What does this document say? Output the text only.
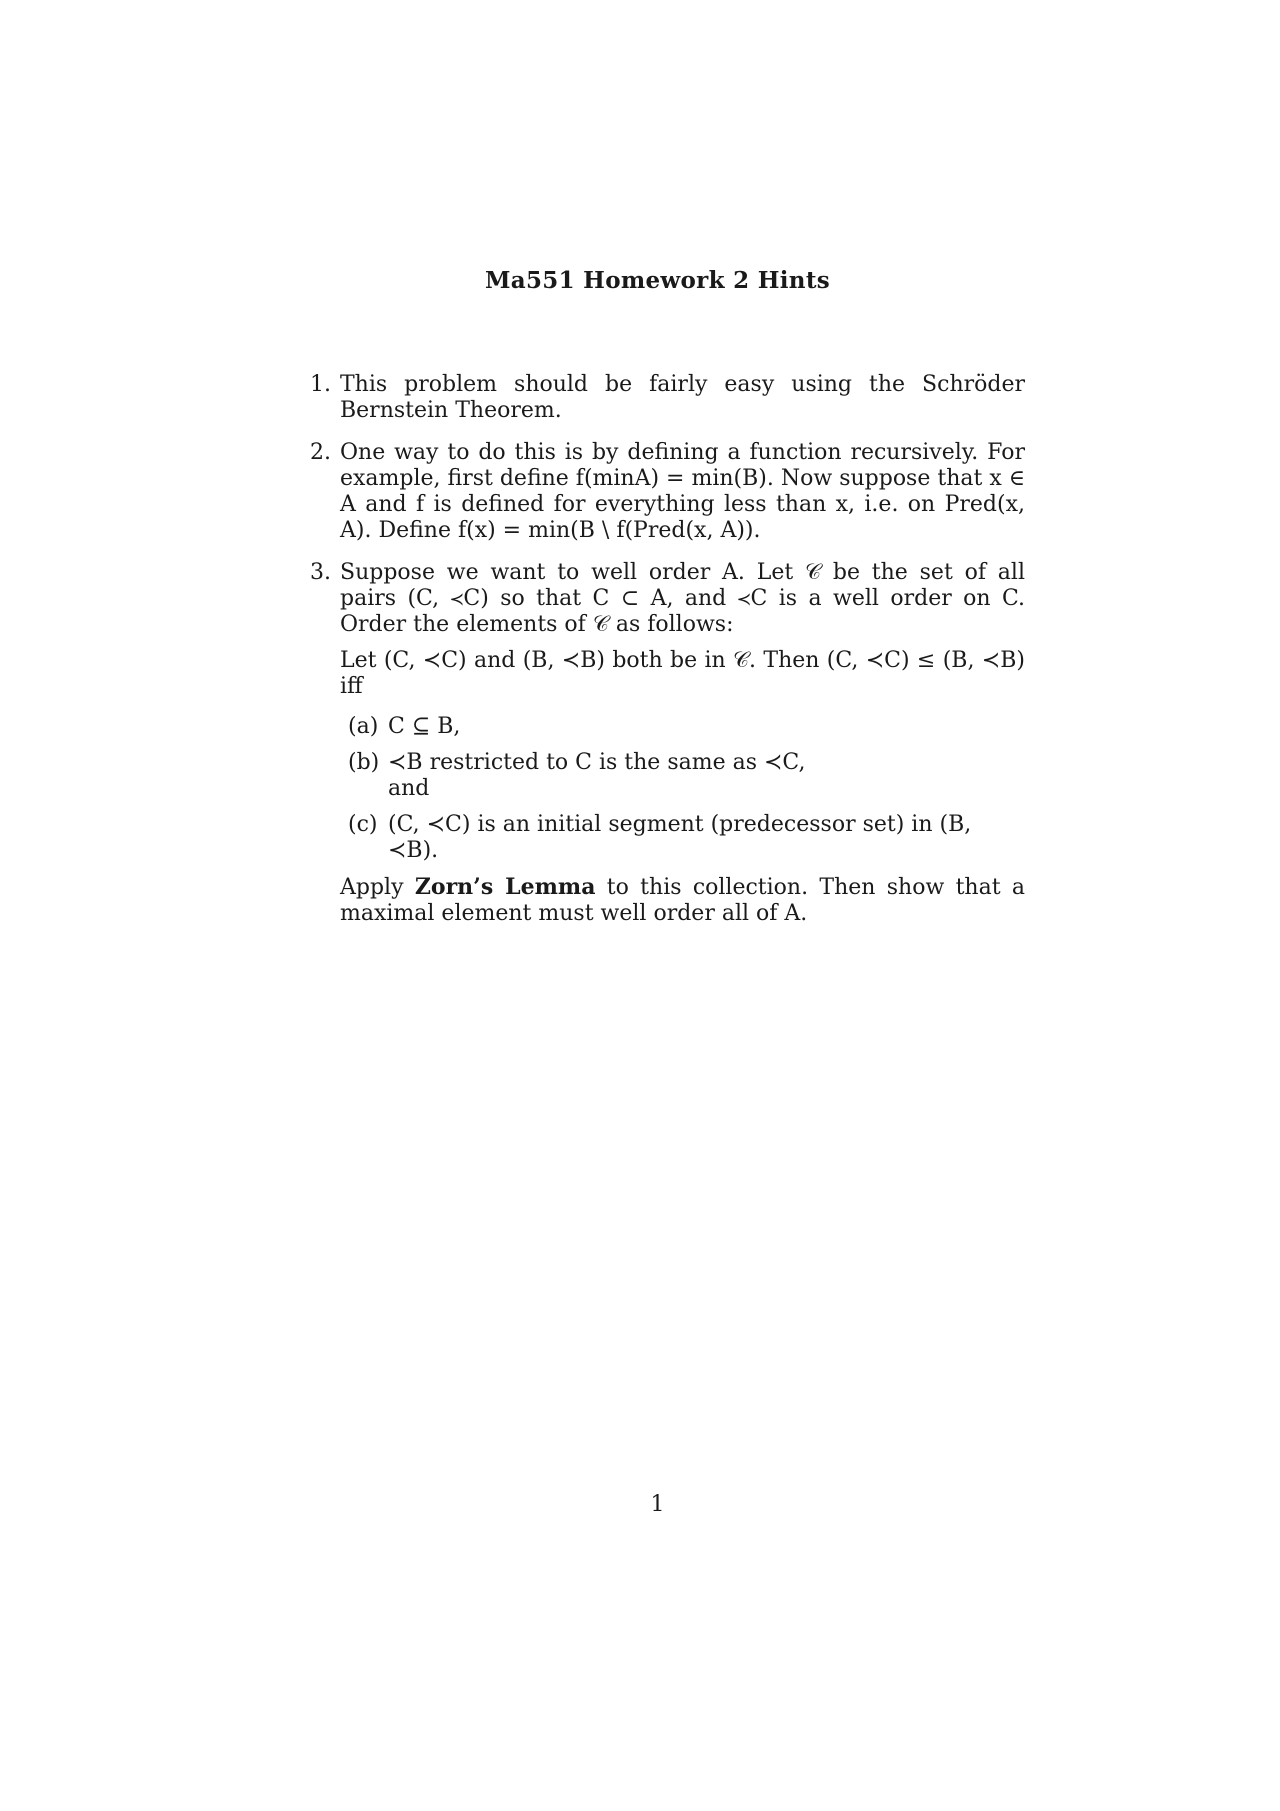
Ma551 Homework 2 Hints
1. This problem should be fairly easy using the Schröder Bernstein Theorem.
2. One way to do this is by defining a function recursively. For example, first define f(minA) = min(B). Now suppose that x ∈ A and f is defined for everything less than x, i.e. on Pred(x, A). Define f(x) = min(B \ f(Pred(x, A)).
3. Suppose we want to well order A. Let 𝒞 be the set of all pairs (C, ≺C) so that C ⊂ A, and ≺C is a well order on C. Order the elements of 𝒞 as follows:
Let (C, ≺C) and (B, ≺B) both be in 𝒞. Then (C, ≺C) ≤ (B, ≺B) iff
(a) C ⊆ B,
(b) ≺B restricted to C is the same as ≺C,
and
(c) (C, ≺C) is an initial segment (predecessor set) in (B, ≺B).
Apply Zorn’s Lemma to this collection. Then show that a maximal element must well order all of A.
1
